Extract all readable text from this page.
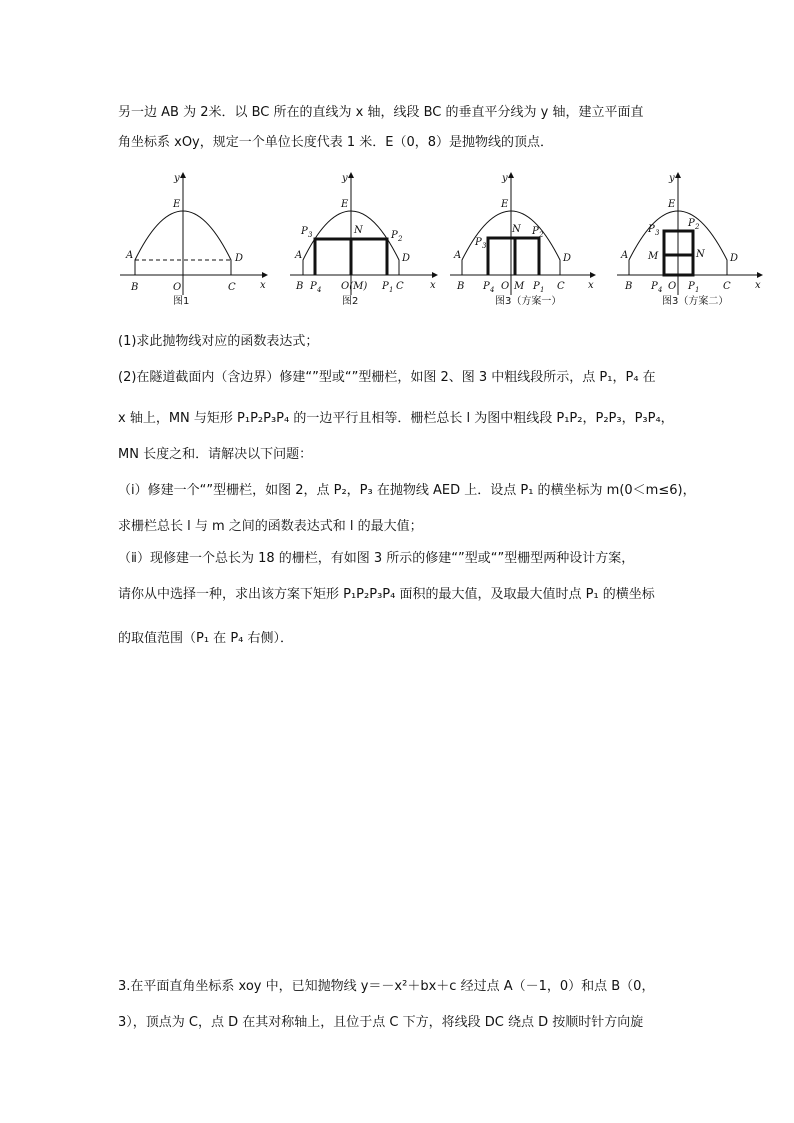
另一边 AB 为 2米．以 BC 所在的直线为 x 轴，线段 BC 的垂直平分线为 y 轴，建立平面直
角坐标系 xOy，规定一个单位长度代表 1 米．E（0，8）是抛物线的顶点．
y
x
E
A	D
B	O	C
图1
y
x
E
N
P 3	P 2
A	D
B P 4 O(M) P 1 C
图2
y
x
E
N
P 3
P 2
A	D
B P 4 O M P 1 C
图3（方案一）
y
x
E
P 3
P 2
M	N
A	D
B P 4 O P 1 C
图3（方案二）
(1)求此抛物线对应的函数表达式；
(2)在隧道截面内（含边界）修建“”型或“”型栅栏，如图 2、图 3 中粗线段所示，点 P₁，P₄ 在
x 轴上，MN 与矩形 P₁P₂P₃P₄ 的一边平行且相等．栅栏总长 l 为图中粗线段 P₁P₂，P₂P₃，P₃P₄，
MN 长度之和．请解决以下问题：
（ⅰ）修建一个“”型栅栏，如图 2，点 P₂，P₃ 在抛物线 AED 上．设点 P₁ 的横坐标为 m(0＜m≤6)，
求栅栏总长 l 与 m 之间的函数表达式和 l 的最大值；
（ⅱ）现修建一个总长为 18 的栅栏，有如图 3 所示的修建“”型或“”型栅型两种设计方案，
请你从中选择一种，求出该方案下矩形 P₁P₂P₃P₄ 面积的最大值，及取最大值时点 P₁ 的横坐标
的取值范围（P₁ 在 P₄ 右侧）．
3.在平面直角坐标系 xoy 中，已知抛物线 y＝－x²＋bx＋c 经过点 A（－1，0）和点 B（0，
3），顶点为 C，点 D 在其对称轴上，且位于点 C 下方，将线段 DC 绕点 D 按顺时针方向旋
